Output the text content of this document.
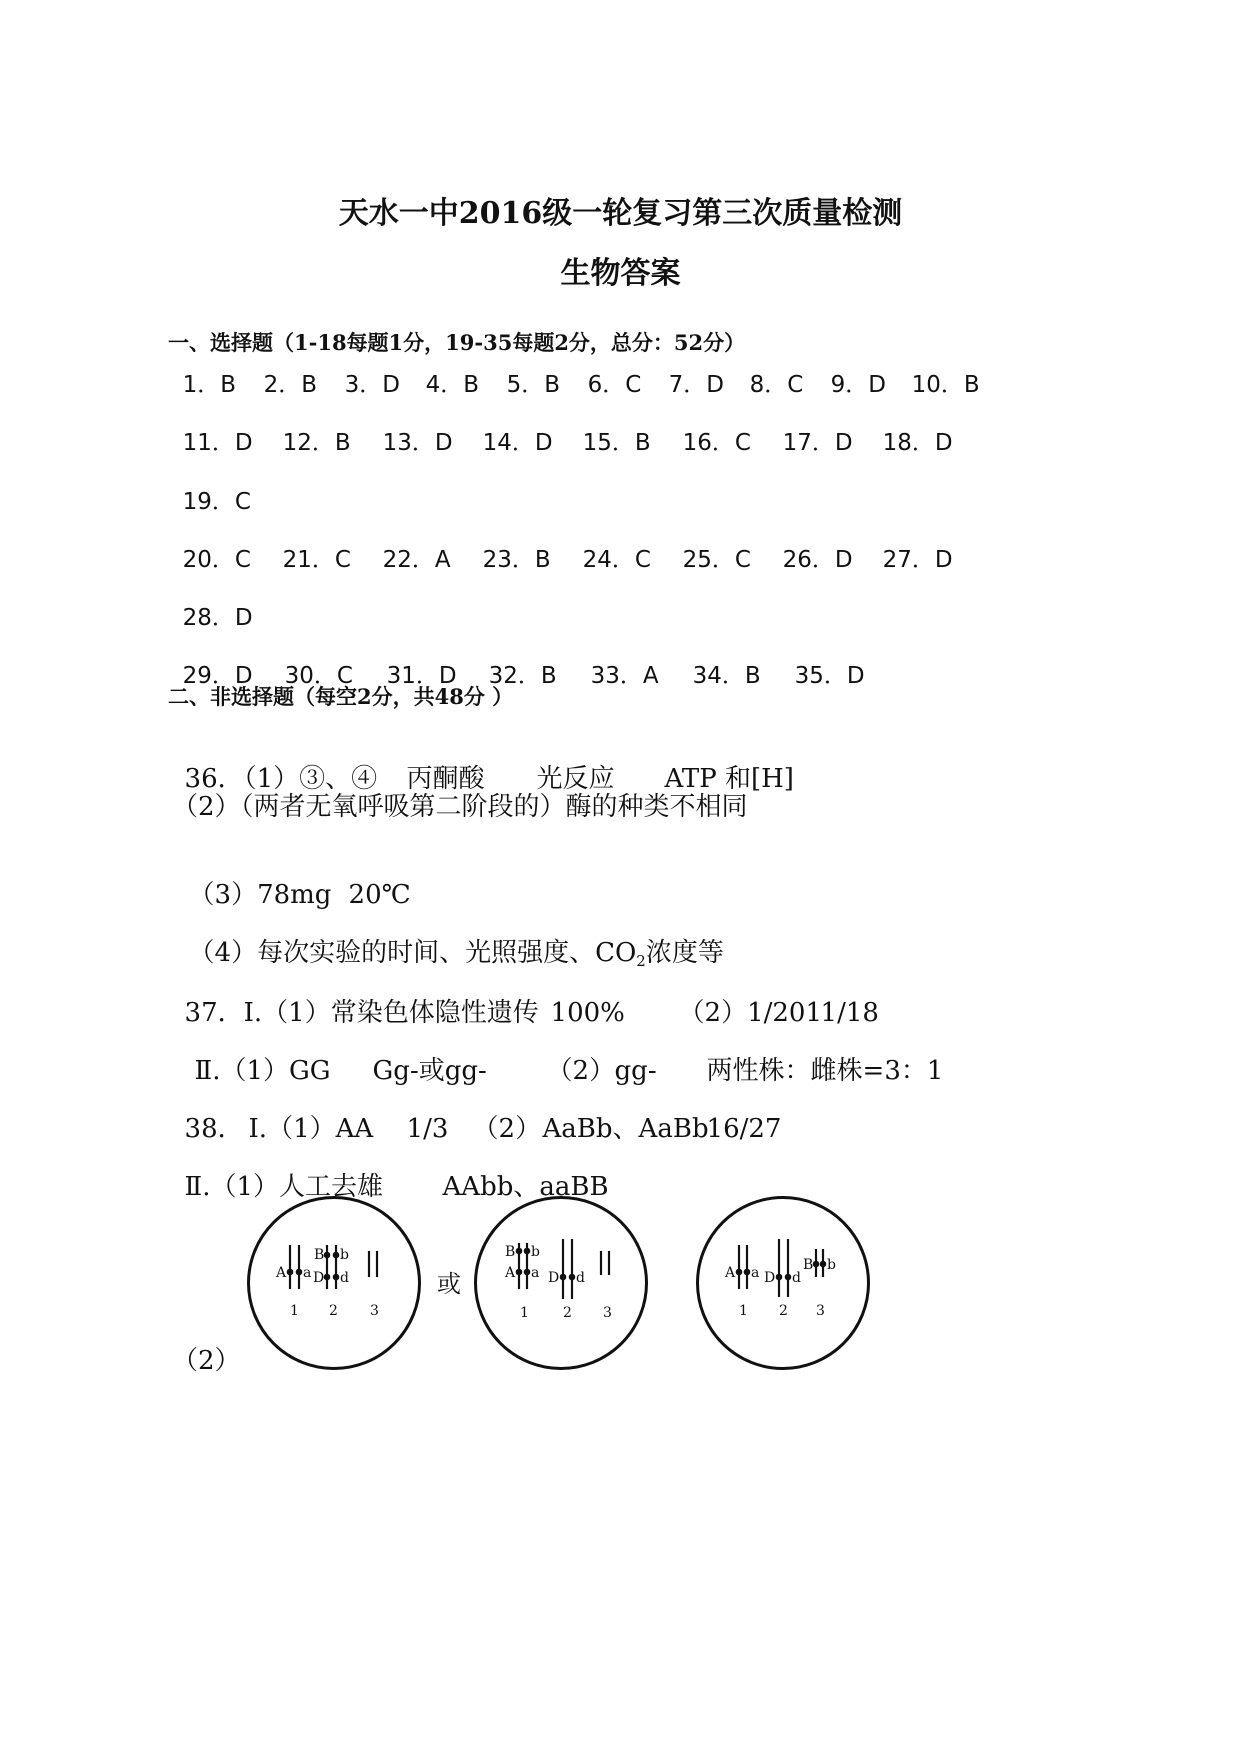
天水一中2016级一轮复习第三次质量检测
生物答案
一、选择题（1-18每题1分，19-35每题2分，总分：52分）

1．B 2．B 3．D 4．B 5．B 6．C 7．D 8．C 9．D 10．B

11．D 12．B 13．D 14．D 15．B 16．C 17．D 18．D

19．C

20．C 21．C 22．A 23．B 24．C 25．C 26．D 27．D

28．D

29．D 30．C 31．D 32．B 33．A 34．B 35．D

二、非选择题（每空2分，共48分 ）

36．（1）③、④ 丙酮酸 光反应 ATP 和[H]

（2）（两者无氧呼吸第二阶段的）酶的种类不相同

（3）78mg 20℃

（4）每次实验的时间、光照强度、$CO_2$浓度等

37．Ⅰ.（1）常染色体隐性遗传 100% （2）1/2011/18

Ⅱ.（1）GG Gg-或gg- （2）gg- 两性株：雌株=3：1

38． Ⅰ.（1）AA 1/3 （2）AaBb、AaBb16/27

Ⅱ.（1）人工去雄 AAbb、aaBB

A a
B b
D d
1 2 3
或
B b
A a D d
1 2 3
A a D d
B b
1 2 3
（2）
